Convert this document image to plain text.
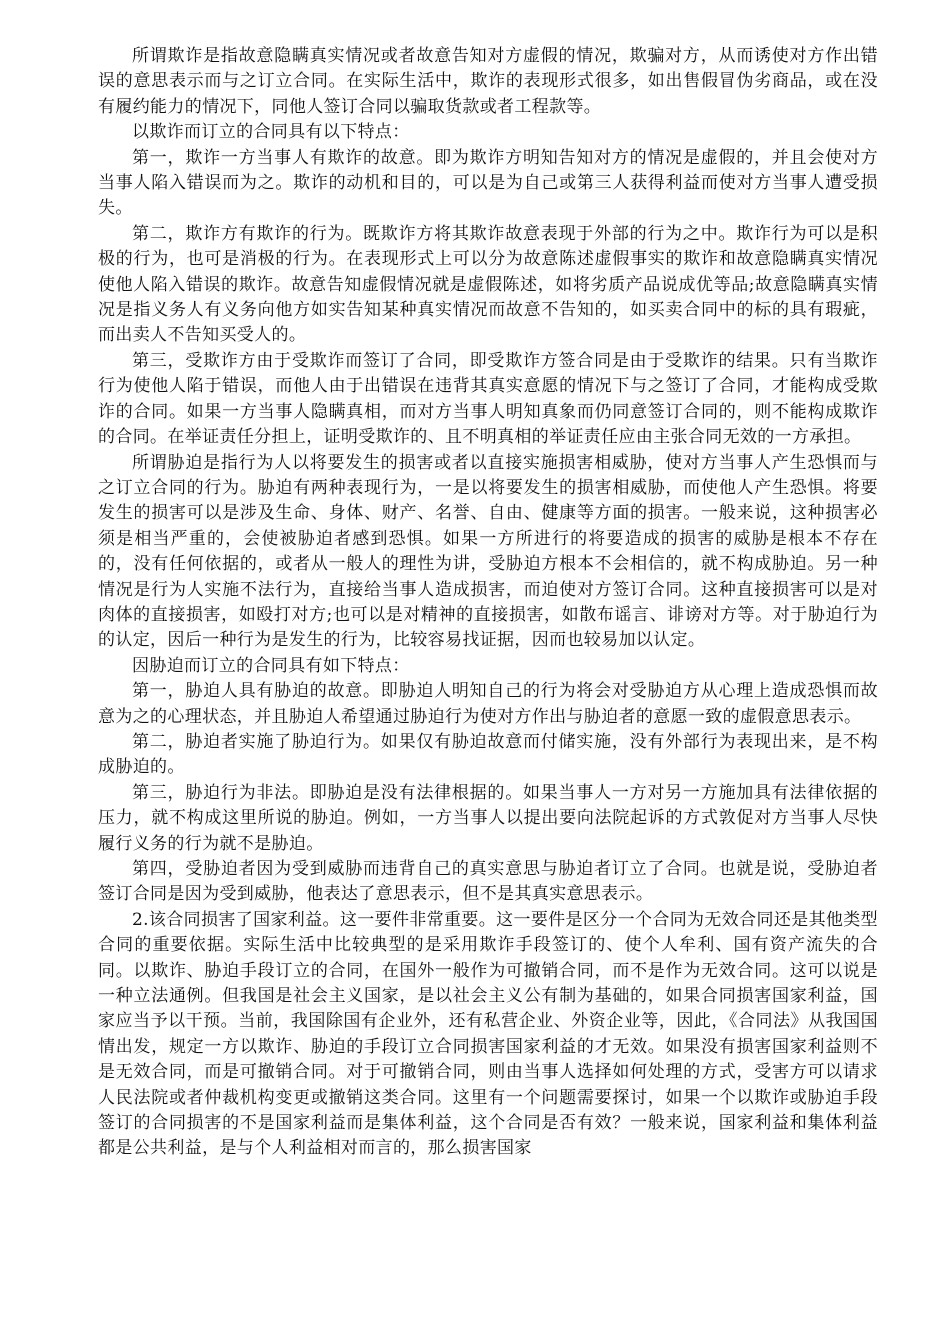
所谓欺诈是指故意隐瞒真实情况或者故意告知对方虚假的情况，欺骗对方，从而诱使对方作出错误的意思表示而与之订立合同。在实际生活中，欺诈的表现形式很多，如出售假冒伪劣商品，或在没有履约能力的情况下，同他人签订合同以骗取货款或者工程款等。

以欺诈而订立的合同具有以下特点：

第一，欺诈一方当事人有欺诈的故意。即为欺诈方明知告知对方的情况是虚假的，并且会使对方当事人陷入错误而为之。欺诈的动机和目的，可以是为自己或第三人获得利益而使对方当事人遭受损失。

第二，欺诈方有欺诈的行为。既欺诈方将其欺诈故意表现于外部的行为之中。欺诈行为可以是积极的行为，也可是消极的行为。在表现形式上可以分为故意陈述虚假事实的欺诈和故意隐瞒真实情况使他人陷入错误的欺诈。故意告知虚假情况就是虚假陈述，如将劣质产品说成优等品;故意隐瞒真实情况是指义务人有义务向他方如实告知某种真实情况而故意不告知的，如买卖合同中的标的具有瑕疵，而出卖人不告知买受人的。

第三，受欺诈方由于受欺诈而签订了合同，即受欺诈方签合同是由于受欺诈的结果。只有当欺诈行为使他人陷于错误，而他人由于出错误在违背其真实意愿的情况下与之签订了合同，才能构成受欺诈的合同。如果一方当事人隐瞒真相，而对方当事人明知真象而仍同意签订合同的，则不能构成欺诈的合同。在举证责任分担上，证明受欺诈的、且不明真相的举证责任应由主张合同无效的一方承担。

所谓胁迫是指行为人以将要发生的损害或者以直接实施损害相威胁，使对方当事人产生恐惧而与之订立合同的行为。胁迫有两种表现行为，一是以将要发生的损害相威胁，而使他人产生恐惧。将要发生的损害可以是涉及生命、身体、财产、名誉、自由、健康等方面的损害。一般来说，这种损害必须是相当严重的，会使被胁迫者感到恐惧。如果一方所进行的将要造成的损害的威胁是根本不存在的，没有任何依据的，或者从一般人的理性为讲，受胁迫方根本不会相信的，就不构成胁迫。另一种情况是行为人实施不法行为，直接给当事人造成损害，而迫使对方签订合同。这种直接损害可以是对肉体的直接损害，如殴打对方;也可以是对精神的直接损害，如散布谣言、诽谤对方等。对于胁迫行为的认定，因后一种行为是发生的行为，比较容易找证据，因而也较易加以认定。

因胁迫而订立的合同具有如下特点：

第一，胁迫人具有胁迫的故意。即胁迫人明知自己的行为将会对受胁迫方从心理上造成恐惧而故意为之的心理状态，并且胁迫人希望通过胁迫行为使对方作出与胁迫者的意愿一致的虚假意思表示。

第二，胁迫者实施了胁迫行为。如果仅有胁迫故意而付储实施，没有外部行为表现出来，是不构成胁迫的。

第三，胁迫行为非法。即胁迫是没有法律根据的。如果当事人一方对另一方施加具有法律依据的压力，就不构成这里所说的胁迫。例如，一方当事人以提出要向法院起诉的方式敦促对方当事人尽快履行义务的行为就不是胁迫。

第四，受胁迫者因为受到威胁而违背自己的真实意思与胁迫者订立了合同。也就是说，受胁迫者签订合同是因为受到威胁，他表达了意思表示，但不是其真实意思表示。

2.该合同损害了国家利益。这一要件非常重要。这一要件是区分一个合同为无效合同还是其他类型合同的重要依据。实际生活中比较典型的是采用欺诈手段签订的、使个人牟利、国有资产流失的合同。以欺诈、胁迫手段订立的合同，在国外一般作为可撤销合同，而不是作为无效合同。这可以说是一种立法通例。但我国是社会主义国家，是以社会主义公有制为基础的，如果合同损害国家利益，国家应当予以干预。当前，我国除国有企业外，还有私营企业、外资企业等，因此，《合同法》从我国国情出发，规定一方以欺诈、胁迫的手段订立合同损害国家利益的才无效。如果没有损害国家利益则不是无效合同，而是可撤销合同。对于可撤销合同，则由当事人选择如何处理的方式，受害方可以请求人民法院或者仲裁机构变更或撤销这类合同。这里有一个问题需要探讨，如果一个以欺诈或胁迫手段签订的合同损害的不是国家利益而是集体利益，这个合同是否有效？一般来说，国家利益和集体利益都是公共利益，是与个人利益相对而言的，那么损害国家
